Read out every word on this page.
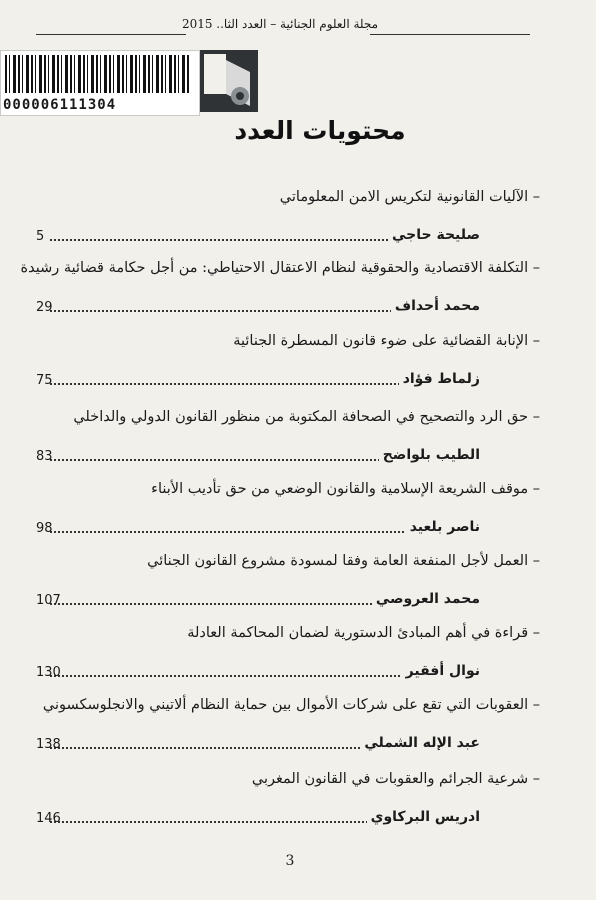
مجلة العلوم الجنائية – العدد الثا.. 2015
000006111304
محتويات العدد
– الآليات القانونية لتكريس الامن المعلوماتي
صليحة حاجي
5
– التكلفة الاقتصادية والحقوقية لنظام الاعتقال الاحتياطي: من أجل حكامة قضائية رشيدة
محمد أحداف
29
– الإنابة القضائية على ضوء قانون المسطرة الجنائية
زلماط فؤاد
75
– حق الرد والتصحيح في الصحافة المكتوبة من منظور القانون الدولي والداخلي
الطيب بلواضح
83
– موقف الشريعة الإسلامية والقانون الوضعي من حق تأديب الأبناء
ناصر بلعيد
98
– العمل لأجل المنفعة العامة وفقا لمسودة مشروع القانون الجنائي
محمد العروصي
107
– قراءة في أهم المبادئ الدستورية لضمان المحاكمة العادلة
نوال أفقير
130
– العقوبات التي تقع على شركات الأموال بين حماية النظام ألاتيني والانجلوسكسوني
عبد الإله الشملي
138
– شرعية الجرائم والعقوبات في القانون المغربي
ادريس البركاوي
146
3
